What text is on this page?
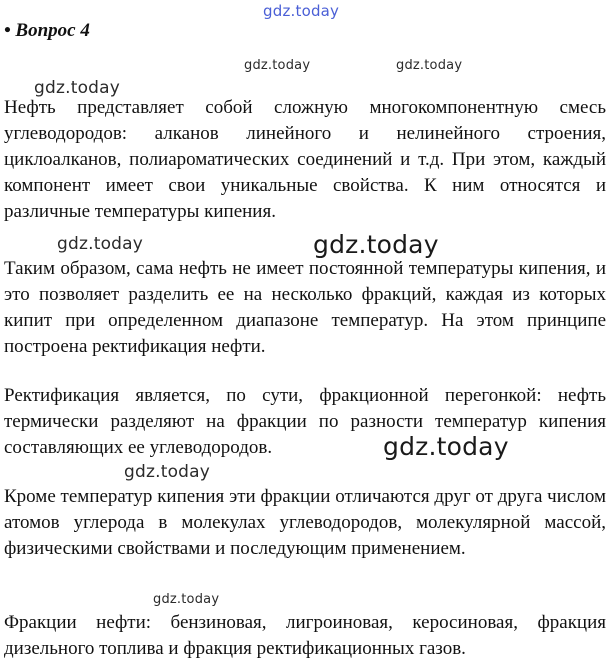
gdz.today
• Вопрос 4
gdz.today	gdz.today
gdz.today
Нефть представляет собой сложную многокомпонентную смесь углеводородов: алканов линейного и нелинейного строения, циклоалканов, полиароматических соединений и т.д. При этом, каждый компонент имеет свои уникальные свойства. К ним относятся и различные температуры кипения.
gdz.today	gdz.today
Таким образом, сама нефть не имеет постоянной температуры кипения, и это позволяет разделить ее на несколько фракций, каждая из которых кипит при определенном диапазоне температур. На этом принципе построена ректификация нефти.
Ректификация является, по сути, фракционной перегонкой: нефть термически разделяют на фракции по разности температур кипения составляющих ее углеводородов.	gdz.today
gdz.today
Кроме температур кипения эти фракции отличаются друг от друга числом атомов углерода в молекулах углеводородов, молекулярной массой, физическими свойствами и последующим применением.
gdz.today
Фракции нефти: бензиновая, лигроиновая, керосиновая, фракция дизельного топлива и фракция ректификационных газов.
